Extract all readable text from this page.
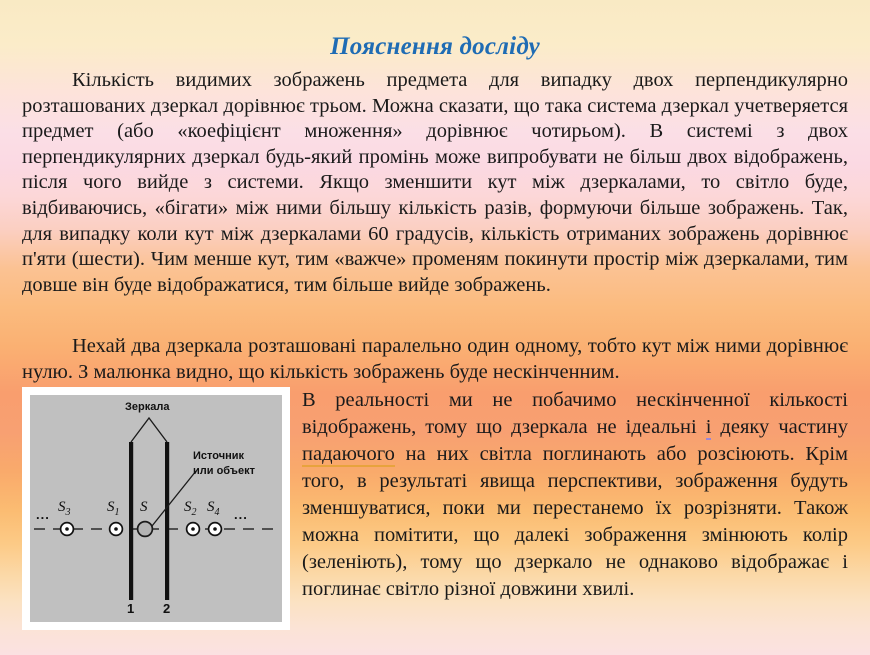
Пояснення досліду

Кількість видимих зображень предмета для випадку двох перпендикулярно розташованих дзеркал дорівнює трьом. Можна сказати, що така система дзеркал учетверяется предмет (або «коефіцієнт множення» дорівнює чотирьом). В системі з двох перпендикулярних дзеркал будь-який промінь може випробувати не більш двох відображень, після чого вийде з системи. Якщо зменшити кут між дзеркалами, то світло буде, відбиваючись, «бігати» між ними більшу кількість разів, формуючи більше зображень. Так, для випадку коли кут між дзеркалами 60 градусів, кількість отриманих зображень дорівнює п'яти (шести). Чим менше кут, тим «важче» променям покинути простір між дзеркалами, тим довше він буде відображатися, тим більше вийде зображень.

Нехай два дзеркала розташовані паралельно один одному, тобто кут між ними дорівнює нулю. З малюнка видно, що кількість зображень буде нескінченним.

Зеркала
Источник
или объект
...	...
$S_3$ $S_1$ S $S_2$ $S_4$
1 2

В реальності ми не побачимо нескінченної кількості відображень, тому що дзеркала не ідеальні і деяку частину падаючого на них світла поглинають або розсіюють. Крім того, в результаті явища перспективи, зображення будуть зменшуватися, поки ми перестанемо їх розрізняти. Також можна помітити, що далекі зображення змінюють колір (зеленіють), тому що дзеркало не однаково відображає і поглинає світло різної довжини хвилі.
